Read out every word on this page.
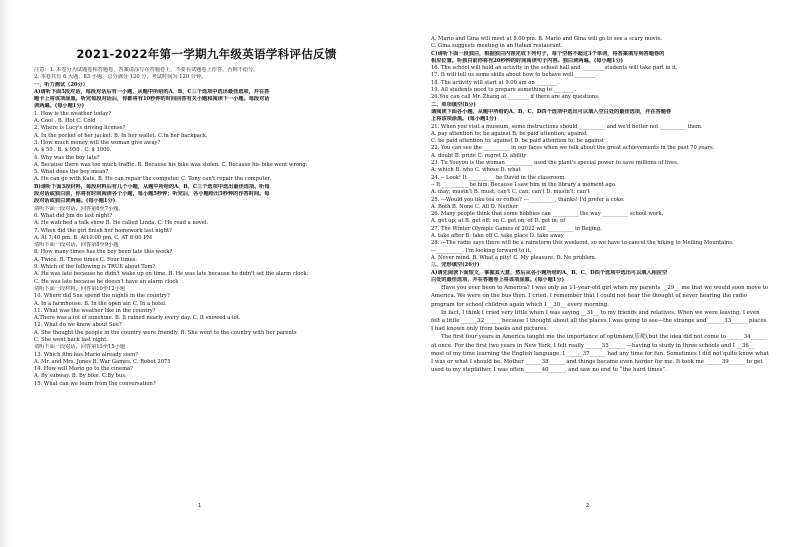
2021-2022年第一学期九年级英语学科评估反馈
注意：1. 本卷分为试题卷和答题卷，答案请涂写在答题卷上，不要在试题卷上作答，否则不给分。
2. 本卷共有 6 大题、83 小题，总分满分 120 分，考试时间为 120 分钟。
一、听力测试（20分）
A)请听下面5段对话，每段对话后有一小题，从题中所给的A、B、C三个选项中选出最佳选项，并在答
题卡上将该项涂黑。听完每段对话后，你都将有10秒钟的时间回答有关小题和阅读下一小题。每段对话
读两遍。(每小题1分)
1. How is the weather today?
A. Cool . B. Hot C. Cold
2. Where is Lucy's driving license?
A. In the pocket of her jacket. B. In her wallet. C.In her backpack.
3. How much money will the woman give away?
A. $ 50 . B. $ 950 . C. $ 1000.
4. Why was the boy late?
A. Because there was too much traffic. B. Because his bike was stolen. C. Because his bike went wrong.
5. What does the boy mean?
A. He can go with Kate. B. He can repair the computer. C. Tony can't repair the computer.
B)请听下面3段材料，每段材料后有几个小题，从题中所给的A、B、C三个选项中选出最佳选项。听每
段对话或独白前，你将有时间阅读各个小题，每小题5秒钟；听完后，各小题给出5秒钟的作答时间。每
段对话或独白读两遍。(每小题1分)
请听下面一段对话，回答第6至7小题。
6. What did Jim do last night?
A. He watched a talk show B. He called Linda. C. He read a novel.
7. When did the girl finish her homework last night?
A. At 7:40 pm. B. At10:00 pm. C. AT 8:00 PM
请听下面一段对话，回答第8至9小题
8. How many times has the boy been late this week?
A. Twice. B. Three times C. Four times.
9. Which of the following is TRUE about Tom?
A. He was late because he didn't wake up on time. B. He was late because he didn't set the alarm clock.
C. He was late because he doesn't have an alarm clock
请听下面一段材料，回答第10至12小题
10. Where did Sue spend the nights in the country?
A. In a farmhouse. B. In the open air. C. In a hotel.
11. What was the weather like in the country?
A.There was a lot of sunshine. B. It rained nearly every day. C. It snowed a lot.
12. What do we know about Sue?
A. She thought the people in the country were friendly. B. She went to the country with her parents
C. She went back last night.
请听下面一段对话，回答第13至15小题
13. Which film has Mario already seen?
A. Mr. and Mrs. Jones B. War Games. C. Robot 2075
14. How will Mario go to the cinema?
A. By subway. B. By bike. C.By bus.
15. What can we learn from the conversation?
1
A. Mario and Gina will meet at 8.00 pm. B. Mario and Gina will go to see a scary movie.
C. Gina suggests meeting in an Italian restaurant.
C)请听下面一段独白，根据独白内容完成下列句子，每个空格不超过3个单词，将答案填写到答题卷的
相应位置。听独白前你将有20秒钟的时间阅读句子内容。独白读两遍。(每小题1分)
16. The school will hold an activity in the school hall and ________ students will take part in it.
17. It will tell us some skills about how to behave well ________.
18. The activity will start at 9.00 am on ________.
19. All students need to prepare something to ________.
20.You can call Mr. Zhang at ________ if there are any questions.
二、单项填空(8分)
请阅读下面各小题，从题中所给的A、B、C、D四个选项中选出可以填入空白处的最佳选项，并在答题卷
上将该项涂黑。(每小题1分)
21. When you visit a museum, some instructions should __________ and we'd better not __________ them.
A. pay attention to; be against B. be paid attention; against
C. be paid attention to; against D. be paid attention to; be against
22. You can see the __________ in our faces when we talk about the great achievements in the past 70 years.
A. doubt B. pride C. regret D. ability
23. Tu Youyou is the woman __________ used the plant's special power to save millions of lives.
A. which B. who C. whose D. what
24. -- Look! It __________ be David in the classroom.
-- It __________ be him. Because I saw him in the library a moment ago.
A. may; mustn't B. must; can't C. can; can't D. mustn't; can't
25. ---Would you like tea or coffee? ---__________, thanks! I'd prefer a coke.
A. Both B. None C. All D. Neither
26. Many people think that some hobbies can __________ the way __________ school work.
A. get up; at B. get off; on C. get on; of D. get in; of
27. The Winter Olympic Games of 2022 will __________ in Beijing.
A. take after B. take off C. take place D. take away
28. ---The radio says there will be a rainstorm this weekend, so we have to cancel the hiking to Meiling Mountains.
---__________. I'm looking forward to it.
A. Never mind. B. What a pity! C. My pleasure. D. No problem.
三、完形填空(26分)
A)请先阅读下面短文，掌握其大意，然后从各小题所给的A、B、C、D四个选项中选出可以填入相应空
白处的最佳选项，并在答题卷上将该项涂黑。(每小题1分)
Have you ever been to America? I was only an 11-year-old girl when my parents __29__ me that we would soon move to America. We were on the bus then. I cried. I remember that I could not hear the thought of never hearing the radio program for school children again which I __30__ every morning.
In fact, I think I cried very little when I was saying __31__ to my friends and relatives. When we were leaving, I even felt a little ______32______ because I thought about all the places I was going to see—the strange and ______33______ places I had known only from books and pictures.
The first four years in America taught me the importance of optimism(乐观),but the idea did not come to ______34______ at once. For the first two years in New York, I felt really ______35______ —having to study in three schools and I __36__ most of my time learning the English language. I ______37______ had any time for fun. Sometimes I did not quite know what I was or what I should be. Mother ______38______ and things became even harder for me. It took me ______39______ to get used to my stepfather. I was often ______40______, and saw no end to “the hard times”.
2
